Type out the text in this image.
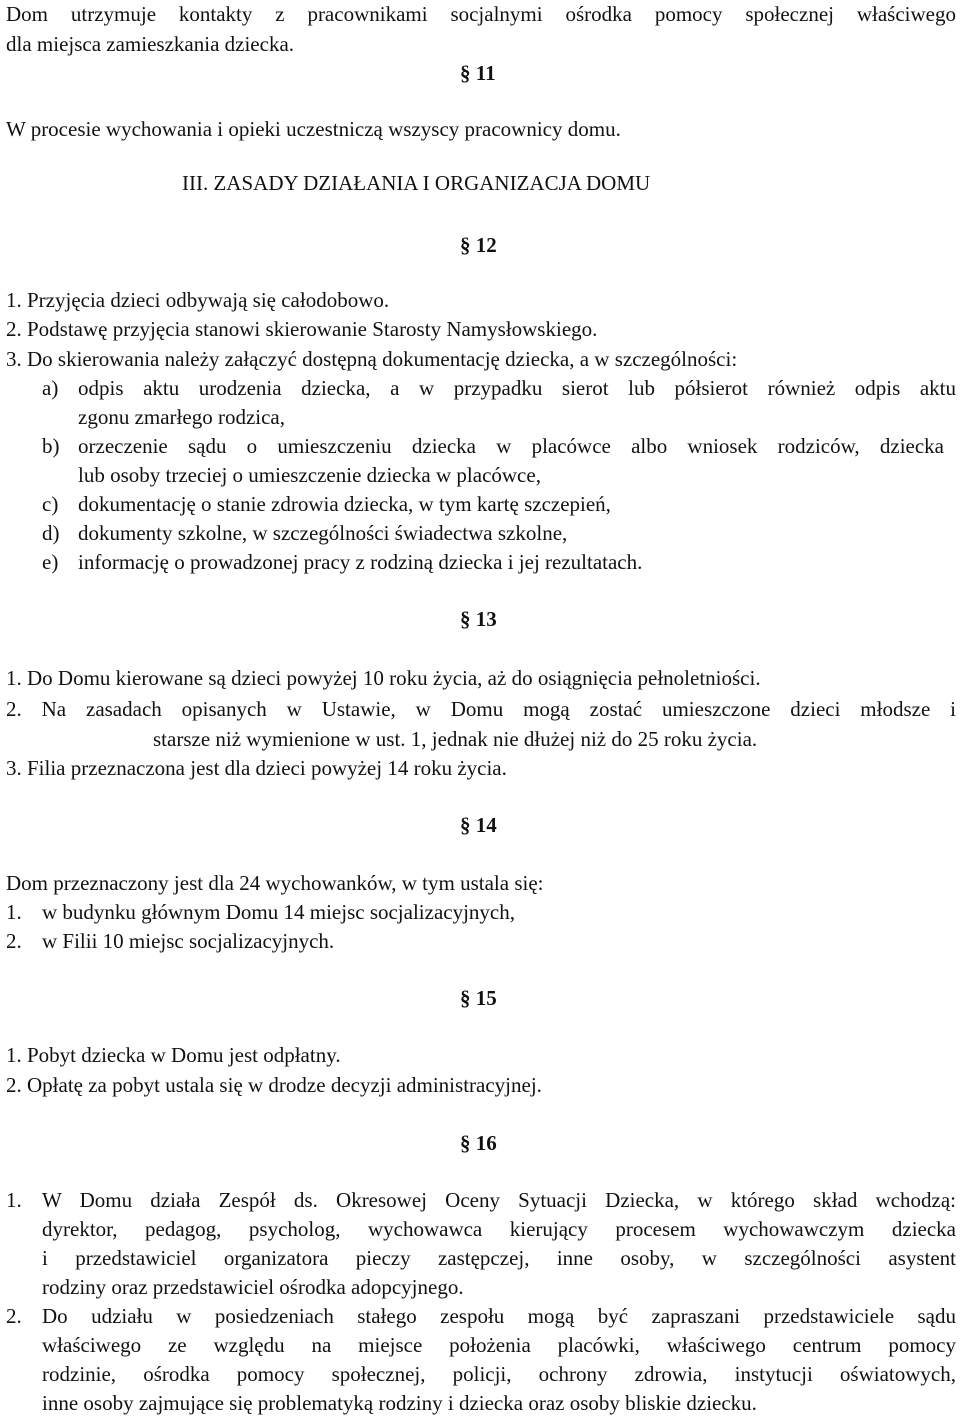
Dom utrzymuje kontakty z pracownikami socjalnymi ośrodka pomocy społecznej właściwego
dla miejsca zamieszkania dziecka.
§ 11
W procesie wychowania i opieki uczestniczą wszyscy pracownicy domu.
III. ZASADY DZIAŁANIA I ORGANIZACJA DOMU
§ 12
1. Przyjęcia dzieci odbywają się całodobowo.
2. Podstawę przyjęcia stanowi skierowanie Starosty Namysłowskiego.
3. Do skierowania należy załączyć dostępną dokumentację dziecka, a w szczególności:
a) odpis aktu urodzenia dziecka, a w przypadku sierot lub półsierot również odpis aktu
zgonu zmarłego rodzica,
b) orzeczenie sądu o umieszczeniu dziecka w placówce albo wniosek rodziców, dziecka
lub osoby trzeciej o umieszczenie dziecka w placówce,
c) dokumentację o stanie zdrowia dziecka, w tym kartę szczepień,
d) dokumenty szkolne, w szczególności świadectwa szkolne,
e) informację o prowadzonej pracy z rodziną dziecka i jej rezultatach.
§ 13
1. Do Domu kierowane są dzieci powyżej 10 roku życia, aż do osiągnięcia pełnoletniości.
2. Na zasadach opisanych w Ustawie, w Domu mogą zostać umieszczone dzieci młodsze i
starsze niż wymienione w ust. 1, jednak nie dłużej niż do 25 roku życia.
3. Filia przeznaczona jest dla dzieci powyżej 14 roku życia.
§ 14
Dom przeznaczony jest dla 24 wychowanków, w tym ustala się:
1. w budynku głównym Domu 14 miejsc socjalizacyjnych,
2. w Filii 10 miejsc socjalizacyjnych.
§ 15
1. Pobyt dziecka w Domu jest odpłatny.
2. Opłatę za pobyt ustala się w drodze decyzji administracyjnej.
§ 16
1. W Domu działa Zespół ds. Okresowej Oceny Sytuacji Dziecka, w którego skład wchodzą:
dyrektor, pedagog, psycholog, wychowawca kierujący procesem wychowawczym dziecka
i przedstawiciel organizatora pieczy zastępczej, inne osoby, w szczególności asystent
rodziny oraz przedstawiciel ośrodka adopcyjnego.
2. Do udziału w posiedzeniach stałego zespołu mogą być zapraszani przedstawiciele sądu
właściwego ze względu na miejsce położenia placówki, właściwego centrum pomocy
rodzinie, ośrodka pomocy społecznej, policji, ochrony zdrowia, instytucji oświatowych,
inne osoby zajmujące się problematyką rodziny i dziecka oraz osoby bliskie dziecku.
